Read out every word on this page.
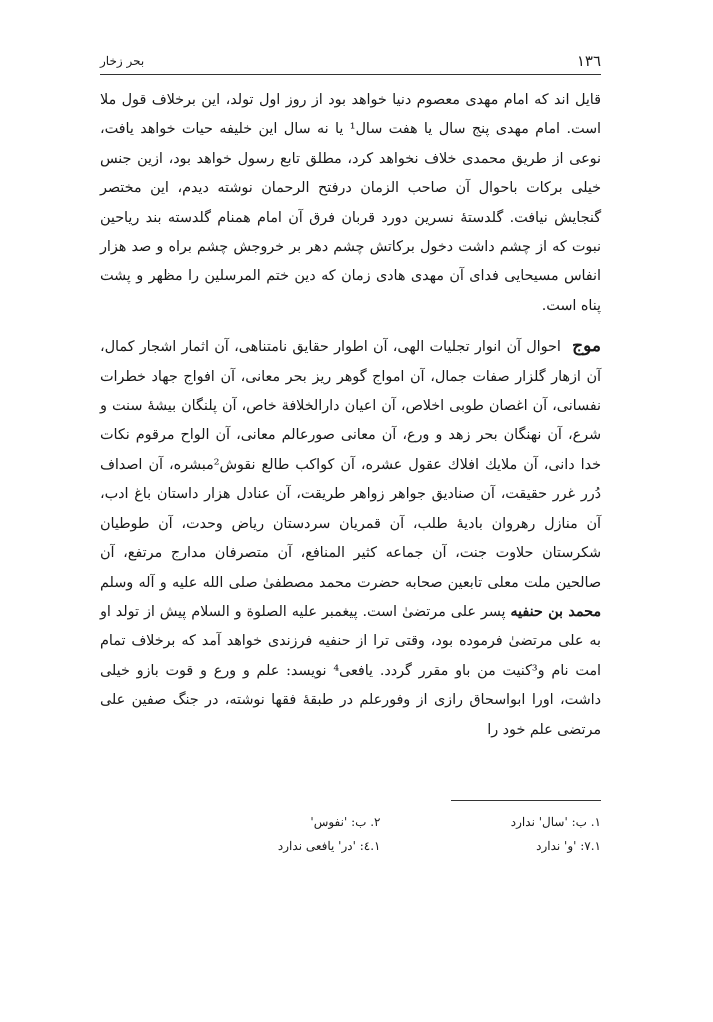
١٣٦
بحر زخار

قایل اند که امام مهدی معصوم دنیا خواهد بود از روز اول تولد، این برخلاف قول ملا است. امام مهدی پنج سال یا هفت سال¹ یا نه سال این خلیفه حیات خواهد یافت، نوعی از طریق محمدی خلاف نخواهد کرد، مطلق تابع رسول خواهد بود، ازین جنس خیلی برکات باحوال آن صاحب الزمان درفتح الرحمان نوشته دیدم، این مختصر گنجایش نیافت. گلدستهٔ نسرین دورد قربان فرق آن امام همنام گلدسته بند ریاحین نبوت که از چشم داشت دخول برکاتش چشم دهر بر خروجش چشم براه و صد هزار انفاس مسیحایی فدای آن مهدی هادی زمان که دین ختم المرسلین را مظهر و پشت پناه است.

موج احوال آن انوار تجلیات الهی، آن اطوار حقایق نامتناهی، آن اثمار اشجار کمال، آن ازهار گلزار صفات جمال، آن امواج گوهر ریز بحر معانی، آن افواج جهاد خطرات نفسانی، آن اغصان طوبی اخلاص، آن اعیان دارالخلافة خاص، آن پلنگان بیشهٔ سنت و شرع، آن نهنگان بحر زهد و ورع، آن معانی صورعالم معانی، آن الواح مرقوم نکات خدا دانی، آن ملایك افلاك عقول عشره، آن کواکب طالع نقوش²مبشره، آن اصداف دُرر غرر حقیقت، آن صنادیق جواهر زواهر طریقت، آن عنادل هزار داستان باغ ادب، آن منازل رهروان بادیهٔ طلب، آن قمریان سردستان ریاض وحدت، آن طوطیان شکرستان حلاوت جنت، آن جماعه کثیر المنافع، آن متصرفان مدارج مرتفع، آن صالحین ملت معلی تابعین صحابه حضرت محمد مصطفیٰ صلی الله علیه و آله وسلم محمد بن حنفیه پسر علی مرتضیٰ است. پیغمبر علیه الصلوة و السلام پیش از تولد او به علی مرتضیٰ فرموده بود، وقتی ترا از حنفیه فرزندی خواهد آمد که برخلاف تمام امت نام و³کنیت من باو مقرر گردد. یافعی⁴ نویسد: علم و ورع و قوت بازو خیلی داشت، اورا ابواسحاق رازی از وفورعلم در طبقهٔ فقها نوشته، در جنگ صفین علی مرتضی علم خود را

١. ب: 'سال' ندارد
٢. ب: 'نفوس'
٧.١: 'و' ندارد
٤.١: 'در' یافعی ندارد
